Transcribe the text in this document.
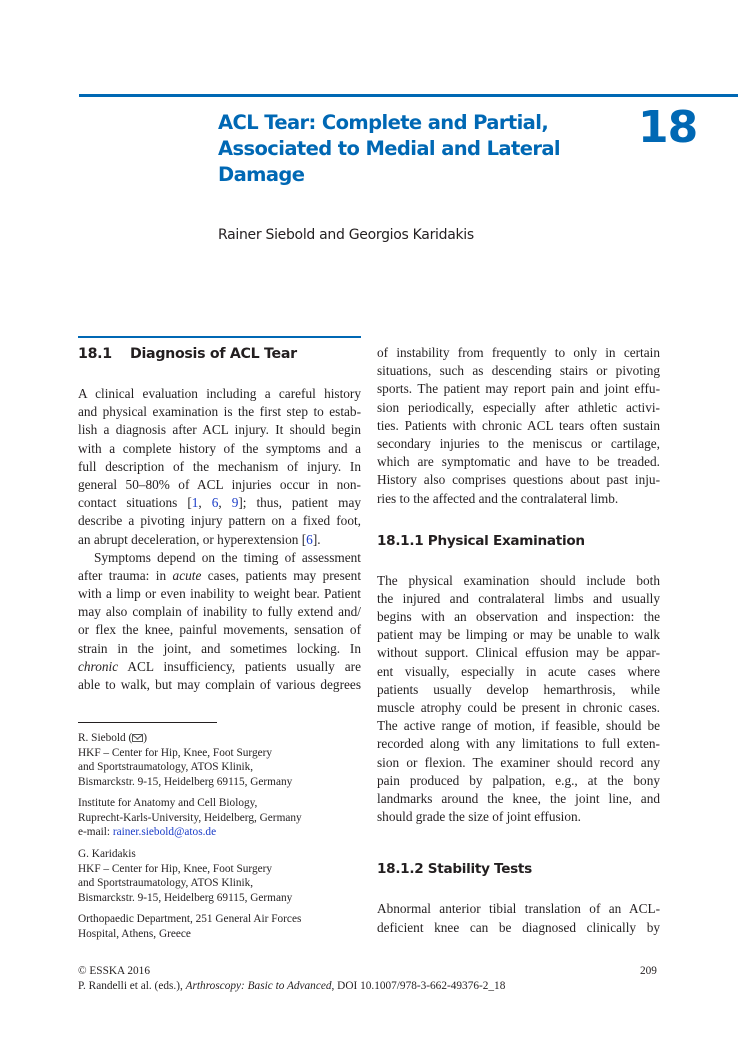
ACL Tear: Complete and Partial,
Associated to Medial and Lateral
Damage
18
Rainer Siebold and Georgios Karidakis
18.1 Diagnosis of ACL Tear

A clinical evaluation including a careful history
and physical examination is the first step to estab-
lish a diagnosis after ACL injury. It should begin
with a complete history of the symptoms and a
full description of the mechanism of injury. In
general 50–80% of ACL injuries occur in non-
contact situations [1, 6, 9]; thus, patient may
describe a pivoting injury pattern on a fixed foot,
an abrupt deceleration, or hyperextension [6].

Symptoms depend on the timing of assessment
after trauma: in acute cases, patients may present
with a limp or even inability to weight bear. Patient
may also complain of inability to fully extend and/
or flex the knee, painful movements, sensation of
strain in the joint, and sometimes locking. In
chronic ACL insufficiency, patients usually are
able to walk, but may complain of various degrees

of instability from frequently to only in certain
situations, such as descending stairs or pivoting
sports. The patient may report pain and joint effu-
sion periodically, especially after athletic activi-
ties. Patients with chronic ACL tears often sustain
secondary injuries to the meniscus or cartilage,
which are symptomatic and have to be treaded.
History also comprises questions about past inju-
ries to the affected and the contralateral limb.

18.1.1 Physical Examination

The physical examination should include both
the injured and contralateral limbs and usually
begins with an observation and inspection: the
patient may be limping or may be unable to walk
without support. Clinical effusion may be appar-
ent visually, especially in acute cases where
patients usually develop hemarthrosis, while
muscle atrophy could be present in chronic cases.
The active range of motion, if feasible, should be
recorded along with any limitations to full exten-
sion or flexion. The examiner should record any
pain produced by palpation, e.g., at the bony
landmarks around the knee, the joint line, and
should grade the size of joint effusion.

18.1.2 Stability Tests

Abnormal anterior tibial translation of an ACL-
deficient knee can be diagnosed clinically by

R. Siebold ( )
HKF – Center for Hip, Knee, Foot Surgery
and Sportstraumatology, ATOS Klinik,
Bismarckstr. 9-15, Heidelberg 69115, Germany
Institute for Anatomy and Cell Biology,
Ruprecht-Karls-University, Heidelberg, Germany
e-mail: rainer.siebold@atos.de
G. Karidakis
HKF – Center for Hip, Knee, Foot Surgery
and Sportstraumatology, ATOS Klinik,
Bismarckstr. 9-15, Heidelberg 69115, Germany
Orthopaedic Department, 251 General Air Forces
Hospital, Athens, Greece
© ESSKA 2016
P. Randelli et al. (eds.), Arthroscopy: Basic to Advanced, DOI 10.1007/978-3-662-49376-2_18
209
